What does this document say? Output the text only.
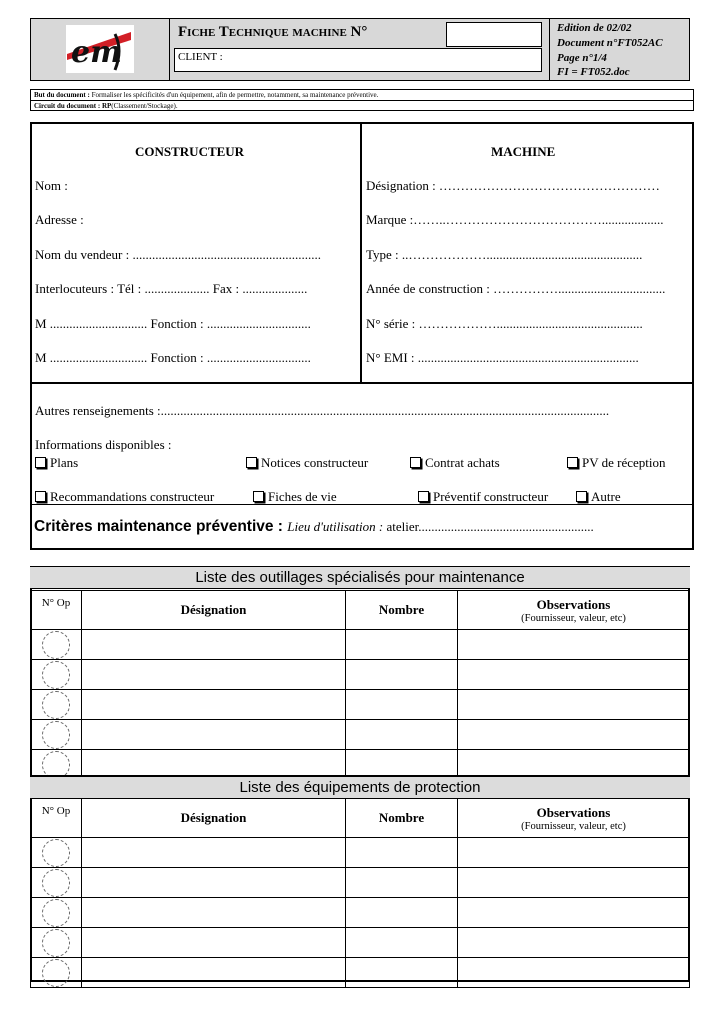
em
Fiche Technique machine N°
CLIENT :
Edition de 02/02
Document n°FT052AC
Page n°1/4
FI = FT052.doc
But du document : Formaliser les spécificités d'un équipement, afin de permettre, notamment, sa maintenance préventive.
Circuit du document : RP(Classement/Stockage).
CONSTRUCTEUR
Nom :
Adresse :
Nom du vendeur : ..........................................................
Interlocuteurs : Tél : .................... Fax : ....................
M .............................. Fonction : ................................
M .............................. Fonction : ................................
MACHINE
Désignation : ……………………………………………
Marque :……..………………………………...................
Type : ..………………................................................
Année de construction : …………….................................
N° série : ……………….............................................
N° EMI : ....................................................................
Autres renseignements :..........................................................................................................................................
Informations disponibles :
Plans	Notices constructeur	Contrat achats	PV de réception
Recommandations constructeur	Fiches de vie	Préventif constructeur	Autre
Critères maintenance préventive : Lieu d'utilisation : atelier......................................................
Liste des outillages spécialisés pour maintenance
N° Op	Désignation	Nombre	Observations
(Fournisseur, valeur, etc)

Liste des équipements de protection
N° Op	Désignation	Nombre	Observations
(Fournisseur, valeur, etc)
